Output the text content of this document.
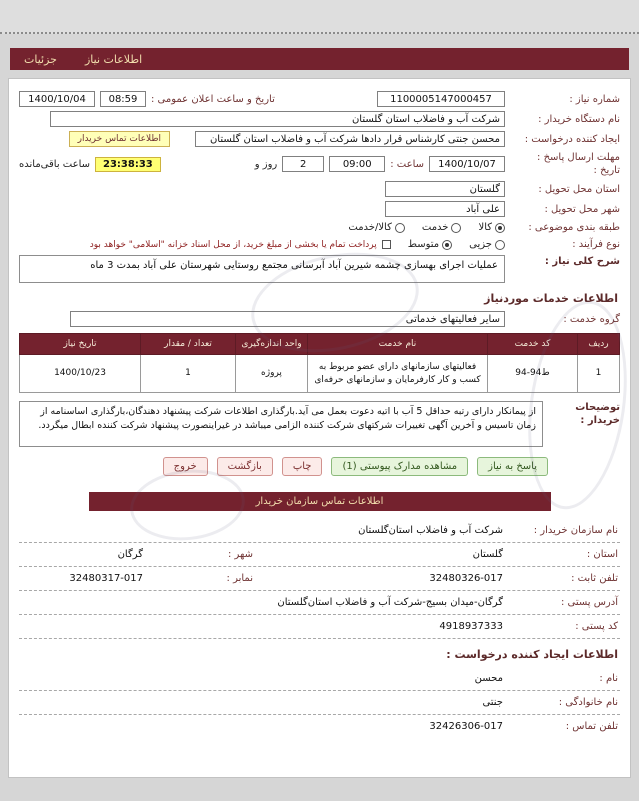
جزئیات	اطلاعات نیاز
شماره نیاز :
1100005147000457
تاریخ و ساعت اعلان عمومی :
08:59
1400/10/04
نام دستگاه خریدار :
شرکت آب و فاضلاب استان گلستان
ایجاد کننده درخواست :
محسن جنتی کارشناس قرار دادها شرکت آب و فاضلاب استان گلستان
اطلاعات تماس خریدار
مهلت ارسال پاسخ :
تاریخ :
1400/10/07
ساعت :
09:00
2
روز و
23:38:33
ساعت باقی‌مانده
استان محل تحویل :
گلستان
شهر محل تحویل :
علی آباد
طبقه بندی موضوعی :
کالا
خدمت
کالا/خدمت
نوع فرآیند :
جزیی
متوسط
پرداخت تمام یا بخشی از مبلغ خرید، از محل اسناد خزانه "اسلامی" خواهد بود
شرح کلی نیاز :
عملیات اجرای بهسازی چشمه شیرین آباد آبرسانی مجتمع روستایی شهرستان علی آباد بمدت 3 ماه
اطلاعات خدمات موردنیاز
گروه خدمت :
سایر فعالیتهای خدماتی
ردیف	کد خدمت	نام خدمت	واحد اندازه‌گیری	تعداد / مقدار	تاریخ نیاز
1	ط94-94	فعالیتهای سازمانهای دارای عضو مربوط به کسب و کار کارفرمایان و سازمانهای حرفه‌ای	پروژه	1	1400/10/23
توضیحات خریدار :
از پیمانکار دارای رتبه حداقل 5 آب با اتیه دعوت بعمل می آید.بارگذاری اطلاعات شرکت پیشنهاد دهندگان،بارگذاری اساسنامه از زمان تاسیس و آخرین آگهی تغییرات شرکتهای شرکت کننده الزامی میباشد در غیراینصورت پیشنهاد شرکت کننده ابطال میگردد.
پاسخ به نیاز
مشاهده مدارک پیوستی (1)
چاپ
بازگشت
خروج
اطلاعات تماس سازمان خریدار
نام سازمان خریدار :
شرکت آب و فاضلاب استان‌گلستان
استان :
گلستان
شهر :
گرگان
تلفن ثابت :
32480326-017
نمابر :
32480317-017
آدرس پستی :
گرگان-میدان بسیج-شرکت آب و فاضلاب استان‌گلستان
کد پستی :
4918937333
اطلاعات ایجاد کننده درخواست :
نام :
محسن
نام خانوادگی :
جنتی
تلفن تماس :
32426306-017
